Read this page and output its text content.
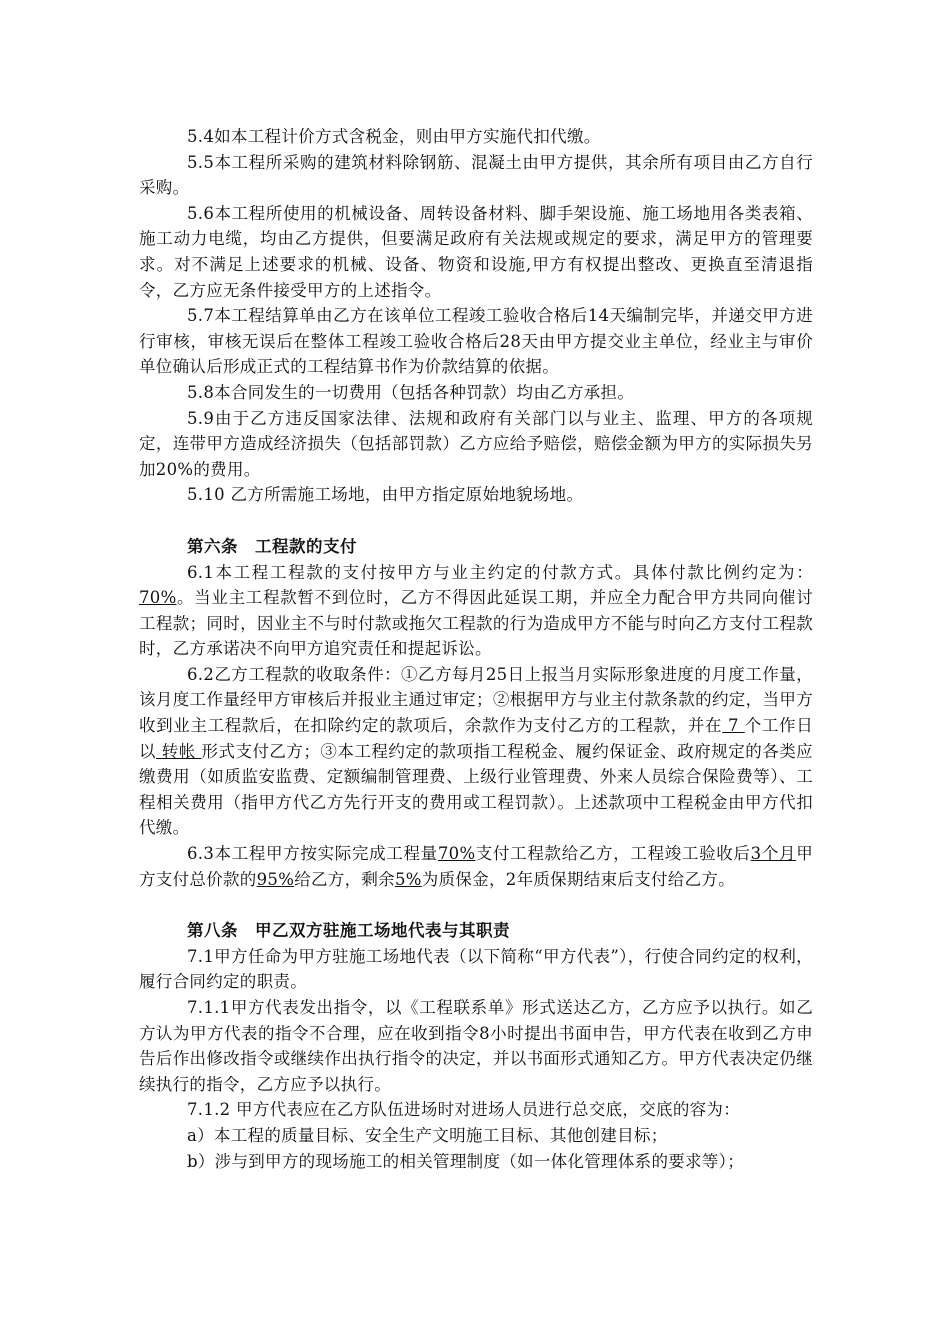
5.4如本工程计价方式含税金，则由甲方实施代扣代缴。

5.5本工程所采购的建筑材料除钢筋、混凝土由甲方提供，其余所有项目由乙方自行采购。

5.6本工程所使用的机械设备、周转设备材料、脚手架设施、施工场地用各类表箱、施工动力电缆，均由乙方提供，但要满足政府有关法规或规定的要求，满足甲方的管理要求。对不满足上述要求的机械、设备、物资和设施,甲方有权提出整改、更换直至清退指令，乙方应无条件接受甲方的上述指令。

5.7本工程结算单由乙方在该单位工程竣工验收合格后14天编制完毕，并递交甲方进行审核，审核无误后在整体工程竣工验收合格后28天由甲方提交业主单位，经业主与审价单位确认后形成正式的工程结算书作为价款结算的依据。

5.8本合同发生的一切费用（包括各种罚款）均由乙方承担。

5.9由于乙方违反国家法律、法规和政府有关部门以与业主、监理、甲方的各项规定，连带甲方造成经济损失（包括部罚款）乙方应给予赔偿，赔偿金额为甲方的实际损失另加20%的费用。

5.10 乙方所需施工场地，由甲方指定原始地貌场地。

第六条　工程款的支付

6.1本工程工程款的支付按甲方与业主约定的付款方式。具体付款比例约定为：70%。当业主工程款暂不到位时，乙方不得因此延误工期，并应全力配合甲方共同向催讨工程款；同时，因业主不与时付款或拖欠工程款的行为造成甲方不能与时向乙方支付工程款时，乙方承诺决不向甲方追究责任和提起诉讼。

6.2乙方工程款的收取条件：①乙方每月25日上报当月实际形象进度的月度工作量，该月度工作量经甲方审核后并报业主通过审定；②根据甲方与业主付款条款的约定，当甲方收到业主工程款后，在扣除约定的款项后，余款作为支付乙方的工程款，并在 7 个工作日以 转帐 形式支付乙方；③本工程约定的款项指工程税金、履约保证金、政府规定的各类应缴费用（如质监安监费、定额编制管理费、上级行业管理费、外来人员综合保险费等）、工程相关费用（指甲方代乙方先行开支的费用或工程罚款）。上述款项中工程税金由甲方代扣代缴。

6.3本工程甲方按实际完成工程量70%支付工程款给乙方，工程竣工验收后3个月甲方支付总价款的95%给乙方，剩余5%为质保金，2年质保期结束后支付给乙方。

第八条　甲乙双方驻施工场地代表与其职责

7.1甲方任命为甲方驻施工场地代表（以下简称“甲方代表”），行使合同约定的权利，履行合同约定的职责。

7.1.1甲方代表发出指令，以《工程联系单》形式送达乙方，乙方应予以执行。如乙方认为甲方代表的指令不合理，应在收到指令8小时提出书面申告，甲方代表在收到乙方申告后作出修改指令或继续作出执行指令的决定，并以书面形式通知乙方。甲方代表决定仍继续执行的指令，乙方应予以执行。

7.1.2 甲方代表应在乙方队伍进场时对进场人员进行总交底，交底的容为：

a）本工程的质量目标、安全生产文明施工目标、其他创建目标；

b）涉与到甲方的现场施工的相关管理制度（如一体化管理体系的要求等）；
